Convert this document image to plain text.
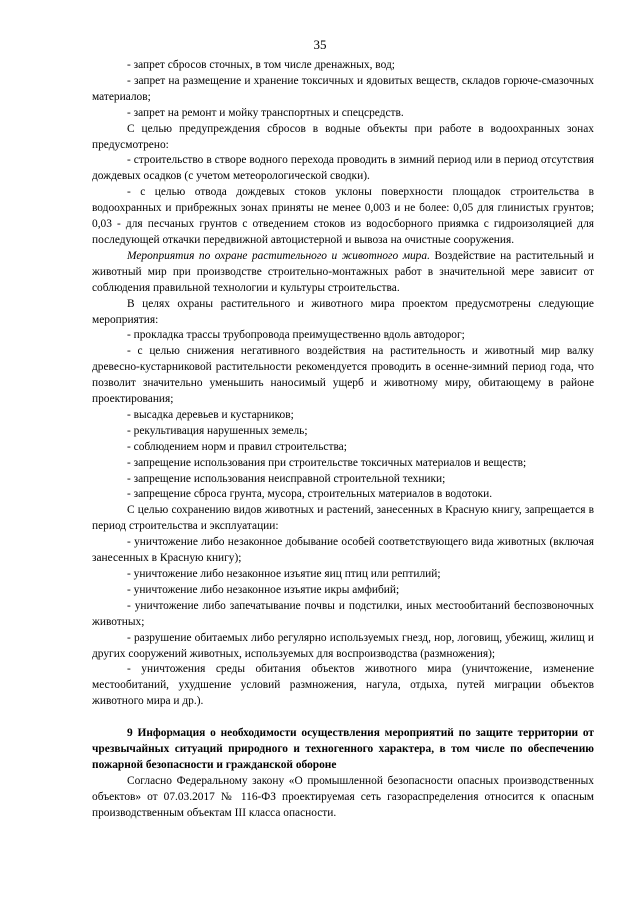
35

- запрет сбросов сточных, в том числе дренажных, вод;

- запрет на размещение и хранение токсичных и ядовитых веществ, складов горюче-смазочных материалов;

- запрет на ремонт и мойку транспортных и спецсредств.

С целью предупреждения сбросов в водные объекты при работе в водоохранных зонах предусмотрено:

- строительство в створе водного перехода проводить в зимний период или в период отсутствия дождевых осадков (с учетом метеорологической сводки).

- с целью отвода дождевых стоков уклоны поверхности площадок строительства в водоохранных и прибрежных зонах приняты не менее 0,003 и не более: 0,05 для глинистых грунтов; 0,03 - для песчаных грунтов с отведением стоков из водосборного приямка с гидроизоляцией для последующей откачки передвижной автоцистерной и вывоза на очистные сооружения.

Мероприятия по охране растительного и животного мира. Воздействие на растительный и животный мир при производстве строительно-монтажных работ в значительной мере зависит от соблюдения правильной технологии и культуры строительства.

В целях охраны растительного и животного мира проектом предусмотрены следующие мероприятия:

- прокладка трассы трубопровода преимущественно вдоль автодорог;

- с целью снижения негативного воздействия на растительность и животный мир валку древесно-кустарниковой растительности рекомендуется проводить в осенне-зимний период года, что позволит значительно уменьшить наносимый ущерб и животному миру, обитающему в районе проектирования;

- высадка деревьев и кустарников;

- рекультивация нарушенных земель;

- соблюдением норм и правил строительства;

- запрещение использования при строительстве токсичных материалов и веществ;

- запрещение использования неисправной строительной техники;

- запрещение сброса грунта, мусора, строительных материалов в водотоки.

С целью сохранению видов животных и растений, занесенных в Красную книгу, запрещается в период строительства и эксплуатации:

- уничтожение либо незаконное добывание особей соответствующего вида животных (включая занесенных в Красную книгу);

- уничтожение либо незаконное изъятие яиц птиц или рептилий;

- уничтожение либо незаконное изъятие икры амфибий;

- уничтожение либо запечатывание почвы и подстилки, иных местообитаний беспозвоночных животных;

- разрушение обитаемых либо регулярно используемых гнезд, нор, логовищ, убежищ, жилищ и других сооружений животных, используемых для воспроизводства (размножения);

- уничтожения среды обитания объектов животного мира (уничтожение, изменение местообитаний, ухудшение условий размножения, нагула, отдыха, путей миграции объектов животного мира и др.).

9 Информация о необходимости осуществления мероприятий по защите территории от чрезвычайных ситуаций природного и техногенного характера, в том числе по обеспечению пожарной безопасности и гражданской обороне

Согласно Федеральному закону «О промышленной безопасности опасных производственных объектов» от 07.03.2017 № 116-ФЗ проектируемая сеть газораспределения относится к опасным производственным объектам III класса опасности.
